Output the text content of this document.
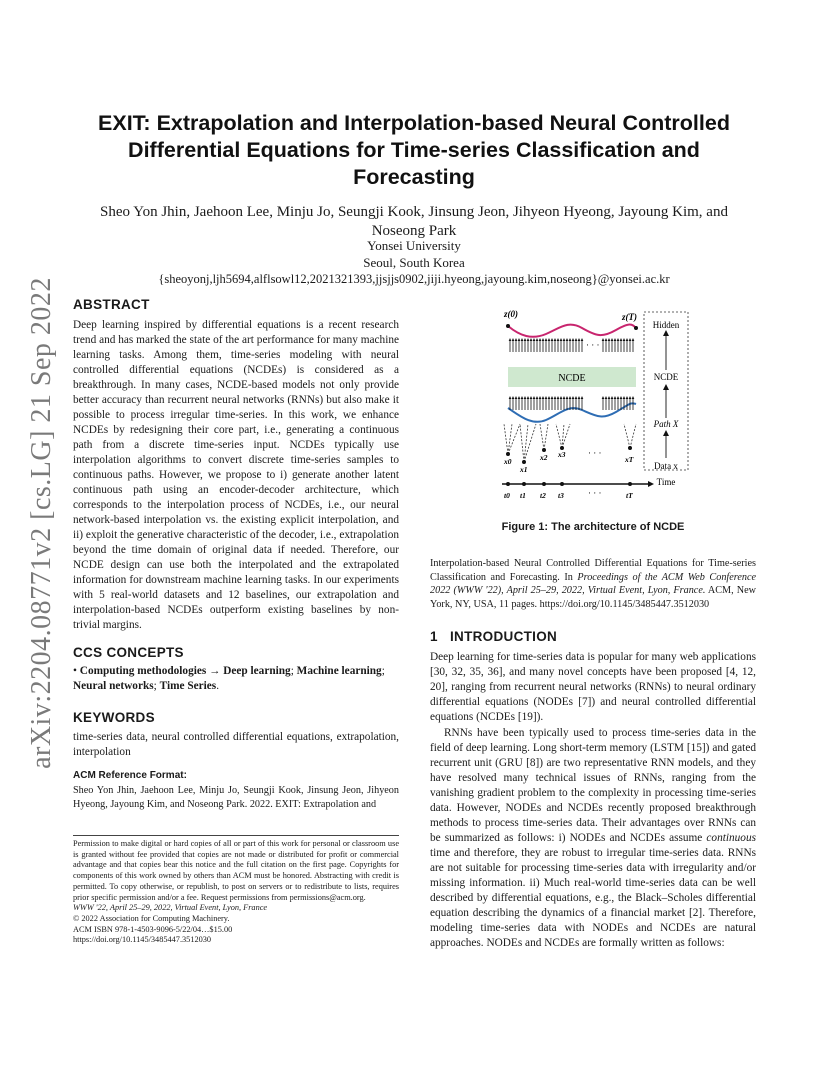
arXiv:2204.08771v2 [cs.LG] 21 Sep 2022
EXIT: Extrapolation and Interpolation-based Neural Controlled Differential Equations for Time-series Classification and Forecasting
Sheo Yon Jhin, Jaehoon Lee, Minju Jo, Seungji Kook, Jinsung Jeon, Jihyeon Hyeong, Jayoung Kim, and Noseong Park
Yonsei University
Seoul, South Korea
{sheoyonj,ljh5694,alflsowl12,2021321393,jjsjjs0902,jiji.hyeong,jayoung.kim,noseong}@yonsei.ac.kr
ABSTRACT
Deep learning inspired by differential equations is a recent research trend and has marked the state of the art performance for many machine learning tasks. Among them, time-series modeling with neural controlled differential equations (NCDEs) is considered as a breakthrough. In many cases, NCDE-based models not only provide better accuracy than recurrent neural networks (RNNs) but also make it possible to process irregular time-series. In this work, we enhance NCDEs by redesigning their core part, i.e., generating a continuous path from a discrete time-series input. NCDEs typically use interpolation algorithms to convert discrete time-series samples to continuous paths. However, we propose to i) generate another latent continuous path using an encoder-decoder architecture, which corresponds to the interpolation process of NCDEs, i.e., our neural network-based interpolation vs. the existing explicit interpolation, and ii) exploit the generative characteristic of the decoder, i.e., extrapolation beyond the time domain of original data if needed. Therefore, our NCDE design can use both the interpolated and the extrapolated information for downstream machine learning tasks. In our experiments with 5 real-world datasets and 12 baselines, our extrapolation and interpolation-based NCDEs outperform existing baselines by non-trivial margins.
CCS CONCEPTS
• Computing methodologies → Deep learning; Machine learning; Neural networks; Time Series.
KEYWORDS
time-series data, neural controlled differential equations, extrapolation, interpolation
ACM Reference Format:
Sheo Yon Jhin, Jaehoon Lee, Minju Jo, Seungji Kook, Jinsung Jeon, Jihyeon Hyeong, Jayoung Kim, and Noseong Park. 2022. EXIT: Extrapolation and
Permission to make digital or hard copies of all or part of this work for personal or classroom use is granted without fee provided that copies are not made or distributed for profit or commercial advantage and that copies bear this notice and the full citation on the first page. Copyrights for components of this work owned by others than ACM must be honored. Abstracting with credit is permitted. To copy otherwise, or republish, to post on servers or to redistribute to lists, requires prior specific permission and/or a fee. Request permissions from permissions@acm.org.
WWW '22, April 25–29, 2022, Virtual Event, Lyon, France
© 2022 Association for Computing Machinery.
ACM ISBN 978-1-4503-9096-5/22/04…$15.00
https://doi.org/10.1145/3485447.3512030
z(0)	z(T)
· · ·
NCDE
x0
x1
x2 x3
xT
· · ·
t0 t1 t2 t3	tT
· · ·
Hidden
NCDE
Path X
Data x
Time
Figure 1: The architecture of NCDE
Interpolation-based Neural Controlled Differential Equations for Time-series Classification and Forecasting. In Proceedings of the ACM Web Conference 2022 (WWW '22), April 25–29, 2022, Virtual Event, Lyon, France. ACM, New York, NY, USA, 11 pages. https://doi.org/10.1145/3485447.3512030
1 INTRODUCTION
Deep learning for time-series data is popular for many web applications [30, 32, 35, 36], and many novel concepts have been proposed [4, 12, 20], ranging from recurrent neural networks (RNNs) to neural ordinary differential equations (NODEs [7]) and neural controlled differential equations (NCDEs [19]).
RNNs have been typically used to process time-series data in the field of deep learning. Long short-term memory (LSTM [15]) and gated recurrent unit (GRU [8]) are two representative RNN models, and they have resolved many technical issues of RNNs, ranging from the vanishing gradient problem to the complexity in processing time-series data. However, NODEs and NCDEs recently proposed breakthrough methods to process time-series data. Their advantages over RNNs can be summarized as follows: i) NODEs and NCDEs assume continuous time and therefore, they are robust to irregular time-series data. RNNs are not suitable for processing time-series data with irregularity and/or missing information. ii) Much real-world time-series data can be well described by differential equations, e.g., the Black–Scholes differential equation describing the dynamics of a financial market [2]. Therefore, modeling time-series data with NODEs and NCDEs are natural approaches. NODEs and NCDEs are formally written as follows:
